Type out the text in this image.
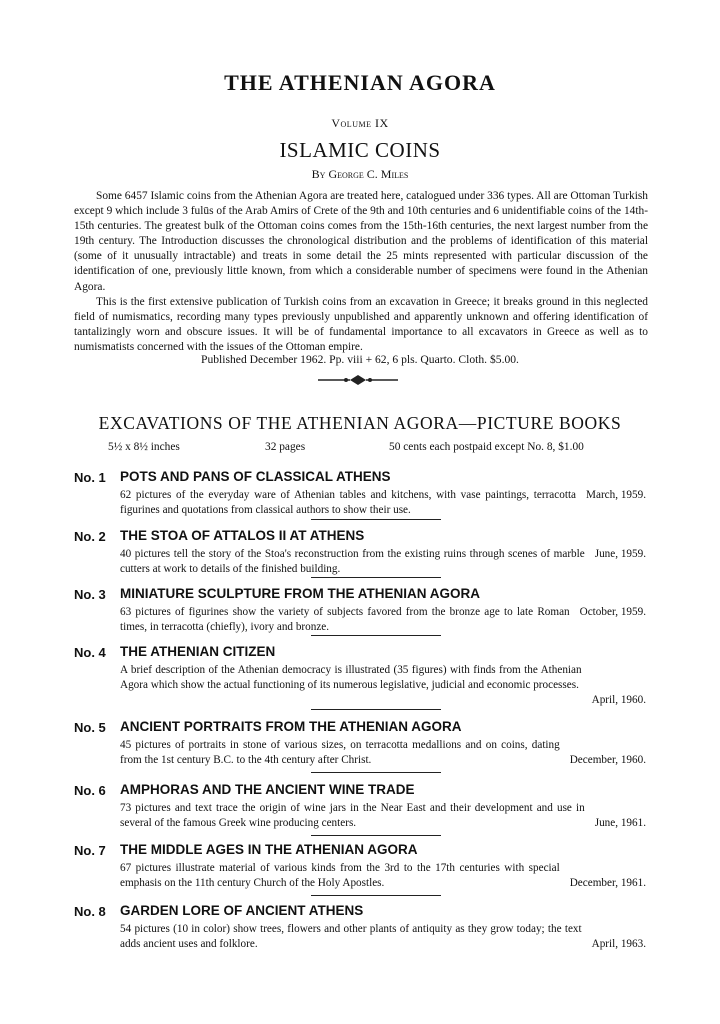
THE ATHENIAN AGORA
Volume IX
ISLAMIC COINS
By George C. Miles

Some 6457 Islamic coins from the Athenian Agora are treated here, catalogued under 336 types. All are Ottoman Turkish except 9 which include 3 fulūs of the Arab Amirs of Crete of the 9th and 10th centuries and 6 unidentifiable coins of the 14th-15th centuries. The greatest bulk of the Ottoman coins comes from the 15th-16th centuries, the next largest number from the 19th century. The Introduction discusses the chronological distribution and the problems of identification of this material (some of it unusually intractable) and treats in some detail the 25 mints represented with particular discussion of the identification of one, previously little known, from which a considerable number of specimens were found in the Athenian Agora.

This is the first extensive publication of Turkish coins from an excavation in Greece; it breaks ground in this neglected field of numismatics, recording many types previously unpublished and apparently unknown and offering identification of tantalizingly worn and obscure issues. It will be of fundamental importance to all excavators in Greece as well as to numismatists concerned with the issues of the Ottoman empire.

Published December 1962. Pp. viii + 62, 6 pls. Quarto. Cloth. $5.00.
EXCAVATIONS OF THE ATHENIAN AGORA—PICTURE BOOKS
5½ x 8½ inches	32 pages	50 cents each postpaid except No. 8, $1.00
No. 1 POTS AND PANS OF CLASSICAL ATHENS
March, 1959.
62 pictures of the everyday ware of Athenian tables and kitchens, with vase paintings, terracotta figurines and quotations from classical authors to show their use.
No. 2 THE STOA OF ATTALOS II AT ATHENS
June, 1959.
40 pictures tell the story of the Stoa's reconstruction from the existing ruins through scenes of marble cutters at work to details of the finished building.
No. 3 MINIATURE SCULPTURE FROM THE ATHENIAN AGORA
October, 1959.
63 pictures of figurines show the variety of subjects favored from the bronze age to late Roman times, in terracotta (chiefly), ivory and bronze.
No. 4 THE ATHENIAN CITIZEN
April, 1960.
A brief description of the Athenian democracy is illustrated (35 figures) with finds from the Athenian Agora which show the actual functioning of its numerous legislative, judicial and economic processes.
No. 5 ANCIENT PORTRAITS FROM THE ATHENIAN AGORA
December, 1960.
45 pictures of portraits in stone of various sizes, on terracotta medallions and on coins, dating from the 1st century B.C. to the 4th century after Christ.
No. 6 AMPHORAS AND THE ANCIENT WINE TRADE
June, 1961.
73 pictures and text trace the origin of wine jars in the Near East and their development and use in several of the famous Greek wine producing centers.
No. 7 THE MIDDLE AGES IN THE ATHENIAN AGORA
December, 1961.
67 pictures illustrate material of various kinds from the 3rd to the 17th centuries with special emphasis on the 11th century Church of the Holy Apostles.
No. 8 GARDEN LORE OF ANCIENT ATHENS
April, 1963.
54 pictures (10 in color) show trees, flowers and other plants of antiquity as they grow today; the text adds ancient uses and folklore.
